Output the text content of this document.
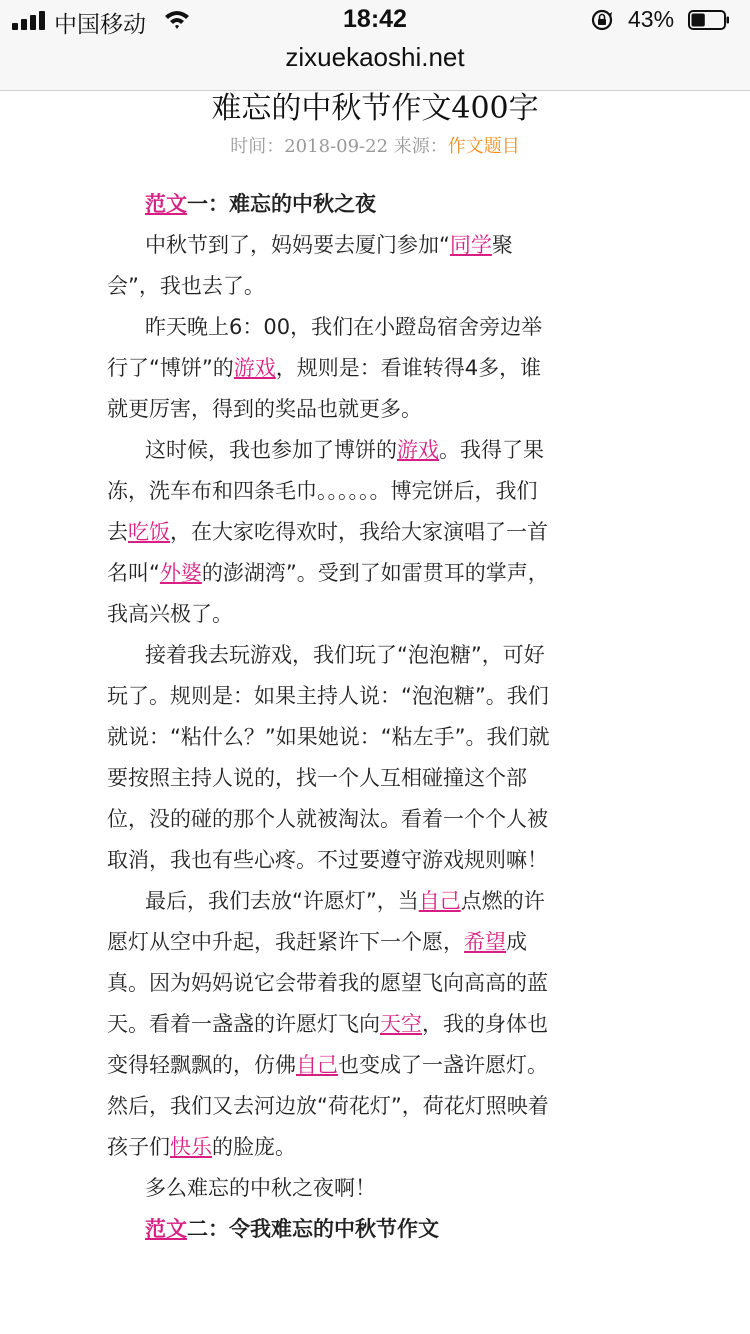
中国移动	18:42	43%
zixuekaoshi.net
难忘的中秋节作文400字
时间：2018-09-22 来源：作文题目

范文一：难忘的中秋之夜

中秋节到了，妈妈要去厦门参加“同学聚会”，我也去了。

昨天晚上6：00，我们在小蹬岛宿舍旁边举行了“博饼”的游戏，规则是：看谁转得4多，谁就更厉害，得到的奖品也就更多。

这时候，我也参加了博饼的游戏。我得了果冻，洗车布和四条毛巾。。。。。。博完饼后，我们去吃饭，在大家吃得欢时，我给大家演唱了一首名叫“外婆的澎湖湾”。受到了如雷贯耳的掌声，我高兴极了。

接着我去玩游戏，我们玩了“泡泡糖”，可好玩了。规则是：如果主持人说：“泡泡糖”。我们就说：“粘什么？”如果她说：“粘左手”。我们就要按照主持人说的，找一个人互相碰撞这个部位，没的碰的那个人就被淘汰。看着一个个人被取消，我也有些心疼。不过要遵守游戏规则嘛！

最后，我们去放“许愿灯”，当自己点燃的许愿灯从空中升起，我赶紧许下一个愿，希望成真。因为妈妈说它会带着我的愿望飞向高高的蓝天。看着一盏盏的许愿灯飞向天空，我的身体也变得轻飘飘的，仿佛自己也变成了一盏许愿灯。然后，我们又去河边放“荷花灯”，荷花灯照映着孩子们快乐的脸庞。

多么难忘的中秋之夜啊！

范文二：令我难忘的中秋节作文
